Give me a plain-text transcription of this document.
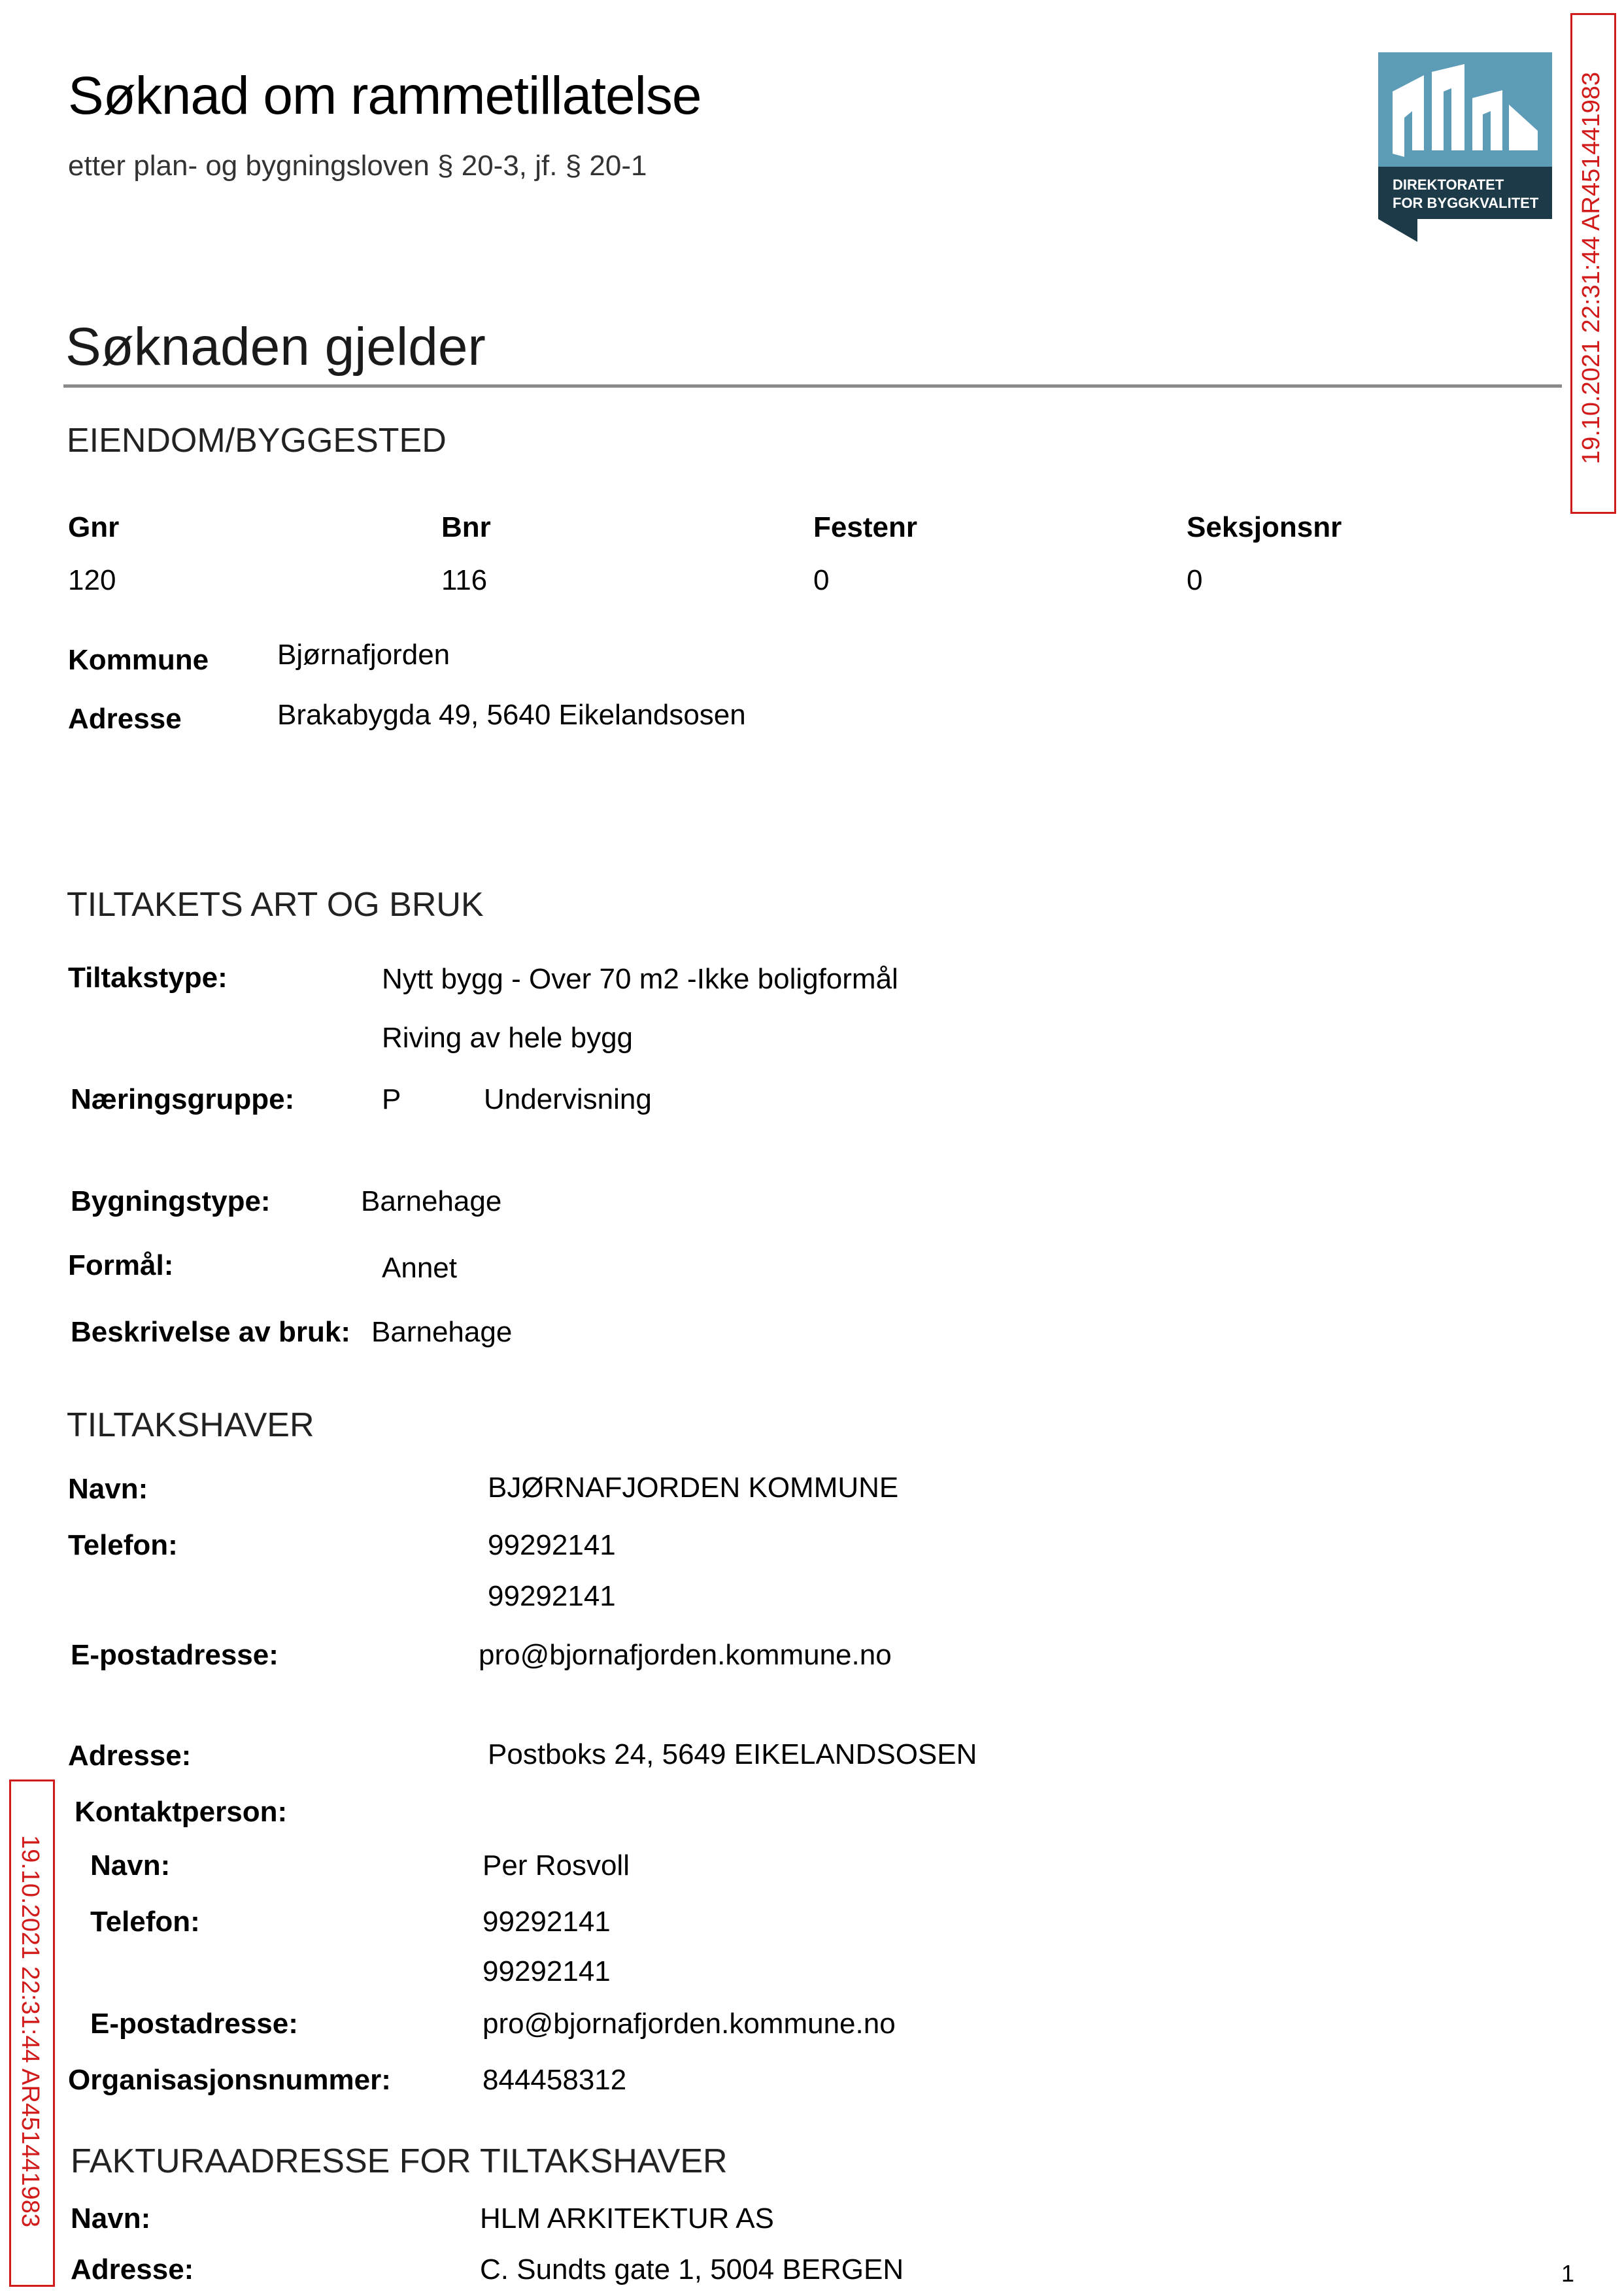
Søknad om rammetillatelse
etter plan- og bygningsloven § 20-3, jf. § 20-1
DIREKTORATET
FOR BYGGKVALITET 19.10.2021 22:31:44 AR451441983
19.10.2021 22:31:44 AR451441983
Søknaden gjelder
EIENDOM/BYGGESTED
Gnr	Bnr	Festenr	Seksjonsnr
120	116	0	0
Kommune Bjørnafjorden
Adresse	Brakabygda 49, 5640 Eikelandsosen
TILTAKETS ART OG BRUK
Tiltakstype:	Nytt bygg - Over 70 m2 -Ikke boligformål
Riving av hele bygg
Næringsgruppe:	P	Undervisning
Bygningstype:	Barnehage
Formål:	Annet
Beskrivelse av bruk: Barnehage
TILTAKSHAVER
Navn:	BJØRNAFJORDEN KOMMUNE
Telefon:	99292141
99292141
E-postadresse:	pro@bjornafjorden.kommune.no
Adresse:	Postboks 24, 5649 EIKELANDSOSEN
Kontaktperson:
Navn:	Per Rosvoll
Telefon:	99292141
99292141
E-postadresse:	pro@bjornafjorden.kommune.no
Organisasjonsnummer:	844458312
FAKTURAADRESSE FOR TILTAKSHAVER
Navn:	HLM ARKITEKTUR AS
Adresse:	C. Sundts gate 1, 5004 BERGEN	1
